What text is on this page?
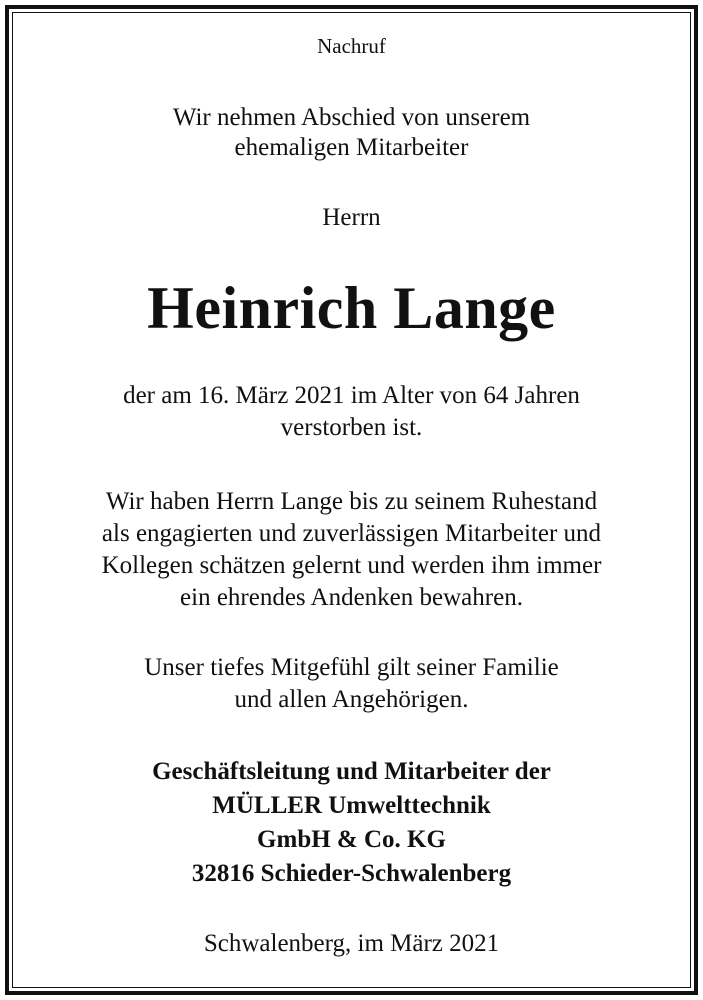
Nachruf
Wir nehmen Abschied von unserem
ehemaligen Mitarbeiter
Herrn
Heinrich Lange
der am 16. März 2021 im Alter von 64 Jahren
verstorben ist.
Wir haben Herrn Lange bis zu seinem Ruhestand
als engagierten und zuverlässigen Mitarbeiter und
Kollegen schätzen gelernt und werden ihm immer
ein ehrendes Andenken bewahren.
Unser tiefes Mitgefühl gilt seiner Familie
und allen Angehörigen.
Geschäftsleitung und Mitarbeiter der
MÜLLER Umwelttechnik
GmbH & Co. KG
32816 Schieder-Schwalenberg
Schwalenberg, im März 2021
